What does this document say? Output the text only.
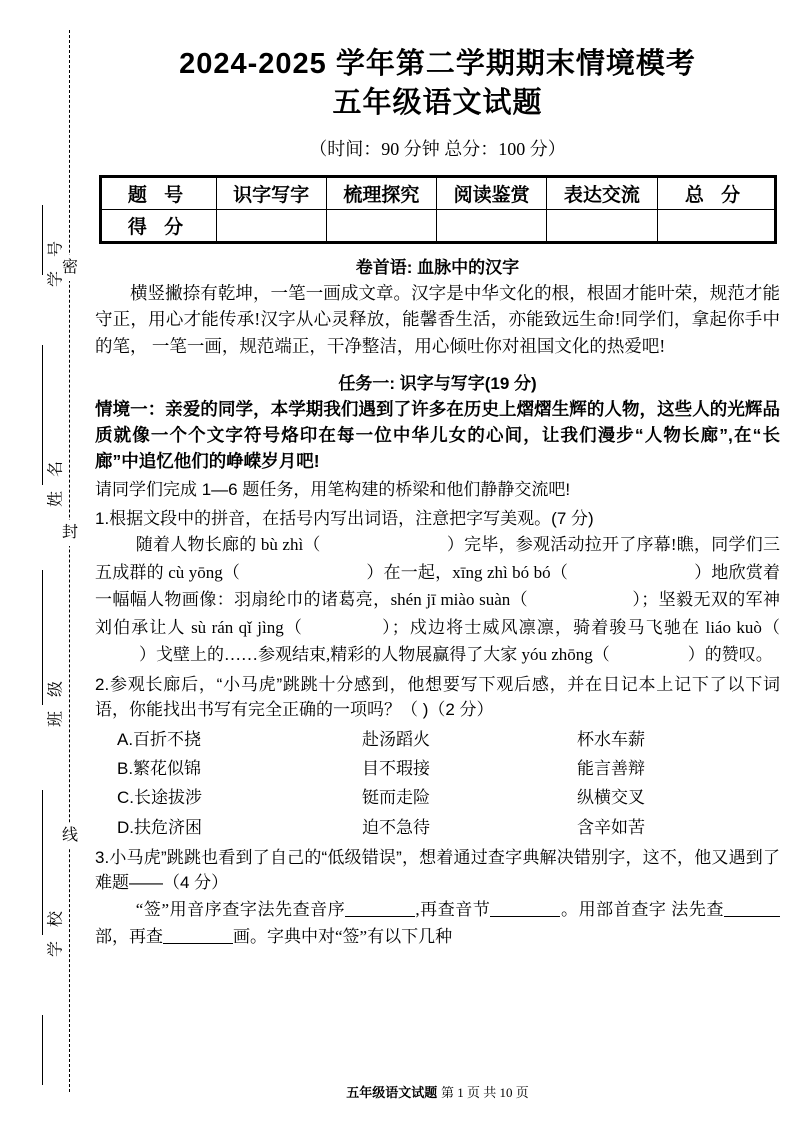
密
封
线
学 号
姓 名
班 级
学 校
2024-2025 学年第二学期期末情境模考
五年级语文试题
（时间：90 分钟 总分：100 分）
题 号	识字写字	梳理探究	阅读鉴赏	表达交流	总 分
得 分					
卷首语: 血脉中的汉字

横竖撇捺有乾坤，一笔一画成文章。汉字是中华文化的根，根固才能叶荣，规范才能守正，用心才能传承!汉字从心灵释放，能馨香生活，亦能致远生命!同学们，拿起你手中的笔， 一笔一画，规范端正，干净整洁，用心倾吐你对祖国文化的热爱吧!

任务一: 识字与写字(19 分)

情境一：亲爱的同学，本学期我们遇到了许多在历史上熠熠生辉的人物，这些人的光辉品质就像一个个文字符号烙印在每一位中华儿女的心间，让我们漫步“人物长廊”,在“长廊”中追忆他们的峥嵘岁月吧!

请同学们完成 1—6 题任务，用笔构建的桥梁和他们静静交流吧!

1.根据文段中的拼音，在括号内写出词语，注意把字写美观。(7 分)

随着人物长廊的 bù zhì（	）完毕，参观活动拉开了序幕!瞧，同学们三五成群的 cù yōng（	）在一起，xīng zhì bó bó（	）地欣赏着一幅幅人物画像：羽扇纶巾的诸葛亮，shén jī miào suàn（	）；坚毅无双的军神刘伯承让人 sù rán qǐ jìng（	）；戍边将士威风凛凛，骑着骏马飞驰在 liáo kuò（）戈壁上的……参观结束,精彩的人物展赢得了大家 yóu zhōng（	）的赞叹。

2.参观长廊后，“小马虎”跳跳十分感到，他想要写下观后感，并在日记本上记下了以下词语，你能找出书写有完全正确的一项吗？（ )（2 分）

A.百折不挠	赴汤蹈火	杯水车薪
B.繁花似锦	目不瑕接	能言善辩
C.长途拔涉	铤而走险	纵横交叉
D.扶危济困	迫不急待	含辛如苦

3.小马虎”跳跳也看到了自己的“低级错误”，想着通过查字典解决错别字，这不，他又遇到了难题——（4 分）

“签”用音序查字法先查音序	,再查音节	。用部首查字 法先查部，再查	画。字典中对“签”有以下几种

五年级语文试题 第 1 页 共 10 页
